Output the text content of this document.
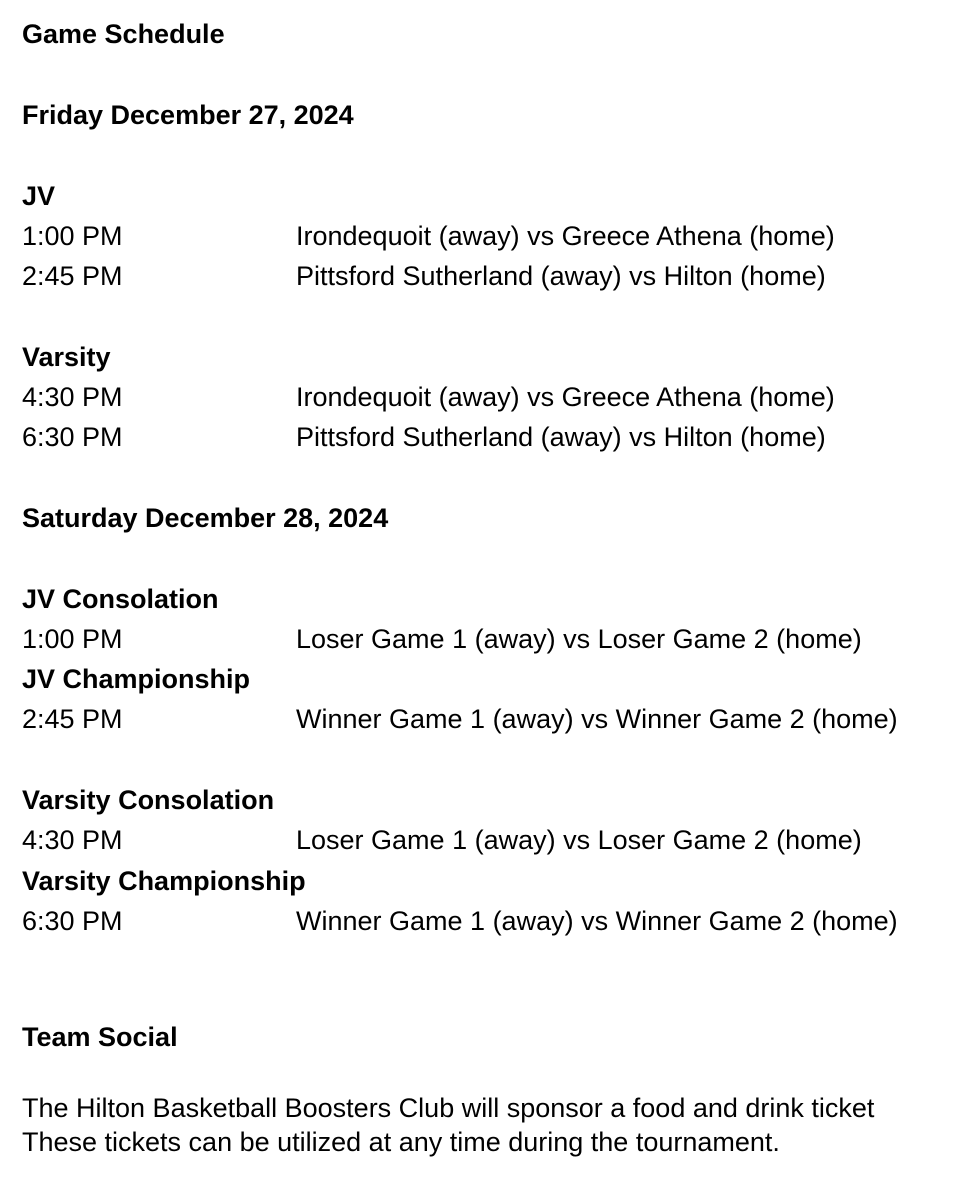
Game Schedule
Friday December 27, 2024
JV
1:00 PM	Irondequoit (away) vs Greece Athena (home)
2:45 PM	Pittsford Sutherland (away) vs Hilton (home)
Varsity
4:30 PM	Irondequoit (away) vs Greece Athena (home)
6:30 PM	Pittsford Sutherland (away) vs Hilton (home)
Saturday December 28, 2024
JV Consolation
1:00 PM	Loser Game 1 (away) vs Loser Game 2 (home)
JV Championship
2:45 PM	Winner Game 1 (away) vs Winner Game 2 (home)
Varsity Consolation
4:30 PM	Loser Game 1 (away) vs Loser Game 2 (home)
Varsity Championship
6:30 PM	Winner Game 1 (away) vs Winner Game 2 (home)
Team Social
The Hilton Basketball Boosters Club will sponsor a food and drink ticket
These tickets can be utilized at any time during the tournament.
